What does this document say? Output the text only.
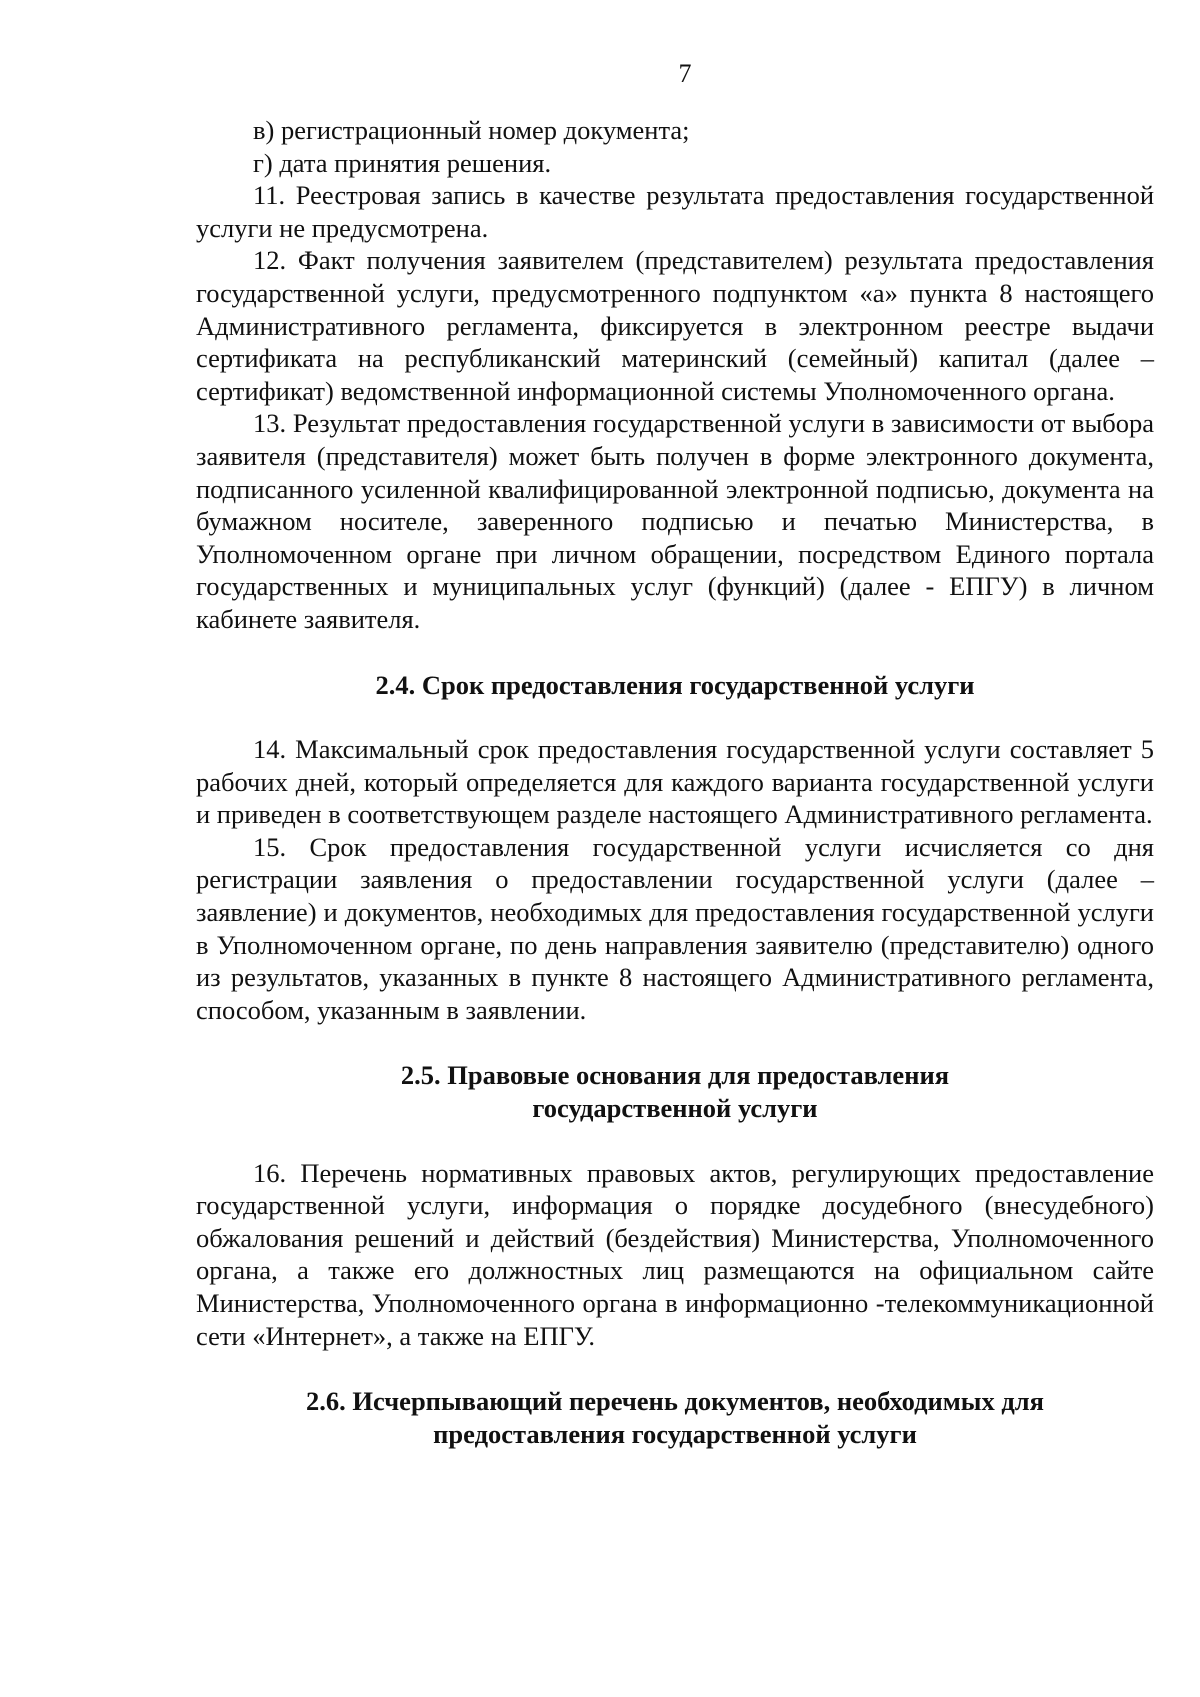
7

в) регистрационный номер документа;

г) дата принятия решения.

11. Реестровая запись в качестве результата предоставления государственной услуги не предусмотрена.

12. Факт получения заявителем (представителем) результата предоставления государственной услуги, предусмотренного подпунктом «а» пункта 8 настоящего Административного регламента, фиксируется в электронном реестре выдачи сертификата на республиканский материнский (семейный) капитал (далее – сертификат) ведомственной информационной системы Уполномоченного органа.

13. Результат предоставления государственной услуги в зависимости от выбора заявителя (представителя) может быть получен в форме электронного документа, подписанного усиленной квалифицированной электронной подписью, документа на бумажном носителе, заверенного подписью и печатью Министерства, в Уполномоченном органе при личном обращении, посредством Единого портала государственных и муниципальных услуг (функций) (далее - ЕПГУ) в личном кабинете заявителя.

2.4. Срок предоставления государственной услуги

14. Максимальный срок предоставления государственной услуги составляет 5 рабочих дней, который определяется для каждого варианта государственной услуги и приведен в соответствующем разделе настоящего Административного регламента.

15. Срок предоставления государственной услуги исчисляется со дня регистрации заявления о предоставлении государственной услуги (далее – заявление) и документов, необходимых для предоставления государственной услуги в Уполномоченном органе, по день направления заявителю (представителю) одного из результатов, указанных в пункте 8 настоящего Административного регламента, способом, указанным в заявлении.

2.5. Правовые основания для предоставления
государственной услуги

16. Перечень нормативных правовых актов, регулирующих предоставление государственной услуги, информация о порядке досудебного (внесудебного) обжалования решений и действий (бездействия) Министерства, Уполномоченного органа, а также его должностных лиц размещаются на официальном сайте Министерства, Уполномоченного органа в информационно -телекоммуникационной сети «Интернет», а также на ЕПГУ.

2.6. Исчерпывающий перечень документов, необходимых для
предоставления государственной услуги
